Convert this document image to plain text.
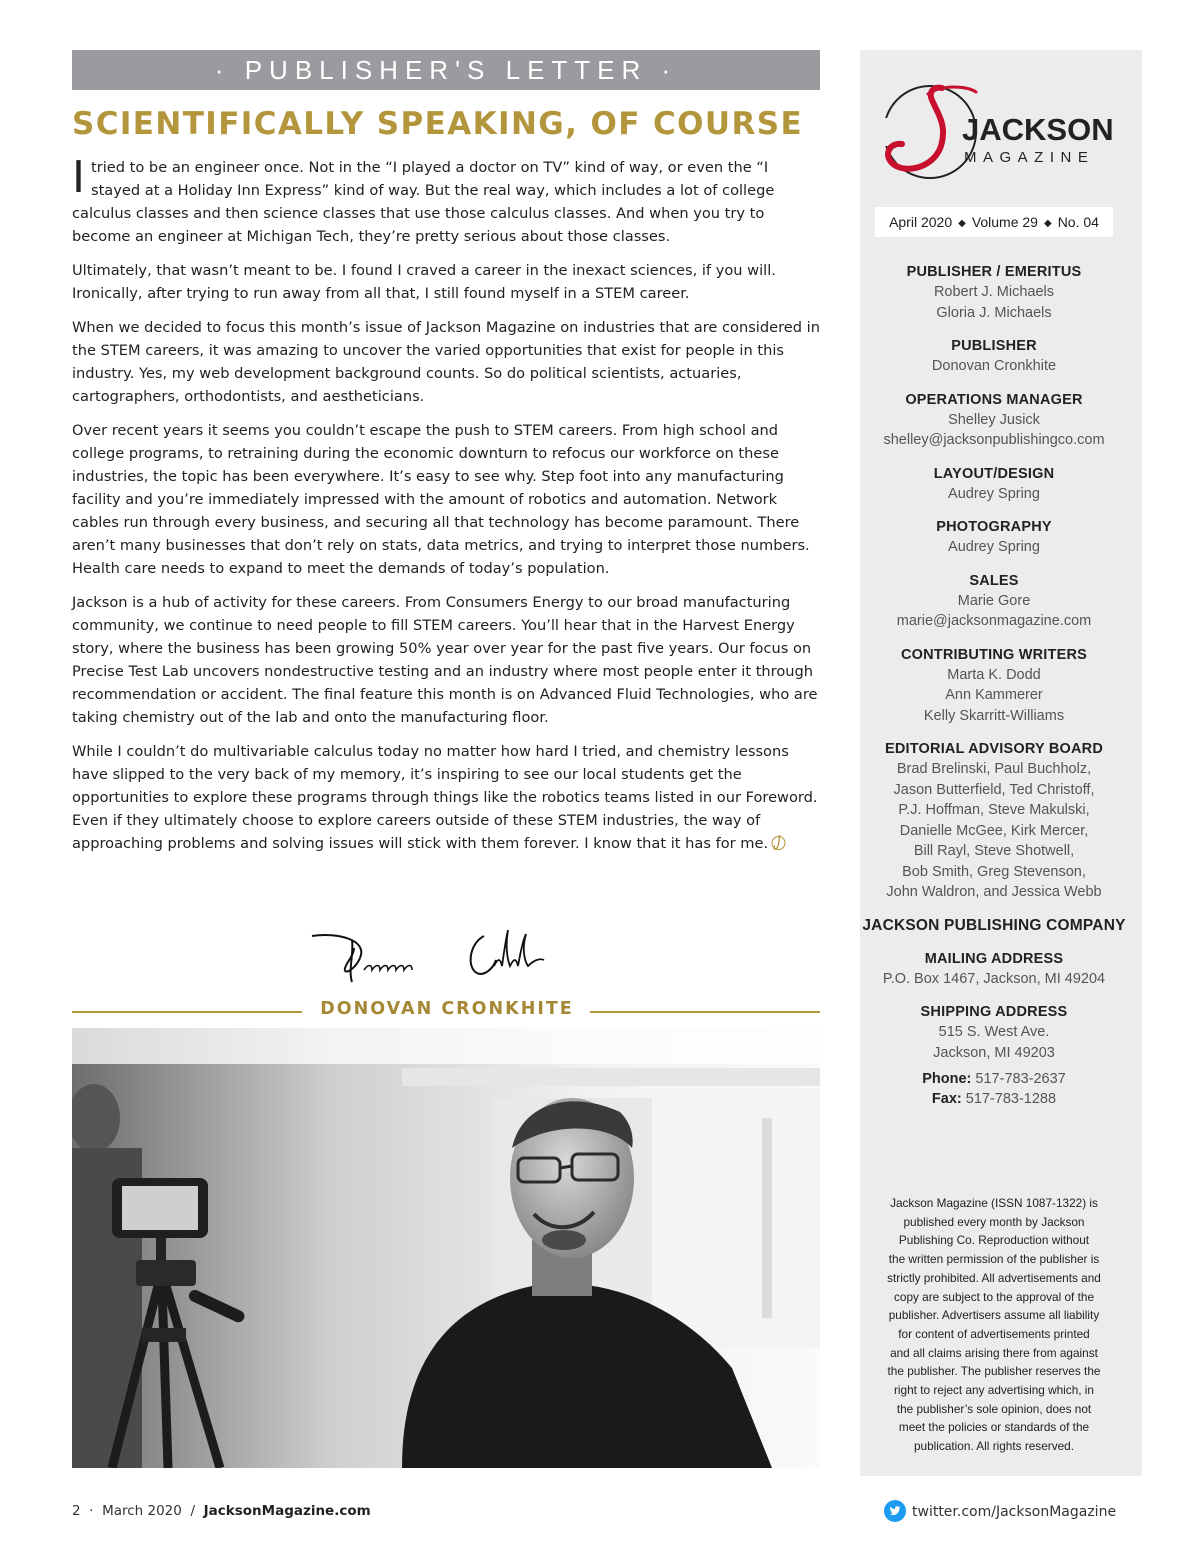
· PUBLISHER'S LETTER ·
SCIENTIFICALLY SPEAKING, OF COURSE

Itried to be an engineer once. Not in the “I played a doctor on TV” kind of way, or even the “I stayed at a Holiday Inn Express” kind of way. But the real way, which includes a lot of college calculus classes and then science classes that use those calculus classes. And when you try to become an engineer at Michigan Tech, they’re pretty serious about those classes.

Ultimately, that wasn’t meant to be. I found I craved a career in the inexact sciences, if you will. Ironically, after trying to run away from all that, I still found myself in a STEM career.

When we decided to focus this month’s issue of Jackson Magazine on industries that are considered in the STEM careers, it was amazing to uncover the varied opportunities that exist for people in this industry. Yes, my web development background counts. So do political scientists, actuaries, cartographers, orthodontists, and aestheticians.

Over recent years it seems you couldn’t escape the push to STEM careers. From high school and college programs, to retraining during the economic downturn to refocus our workforce on these industries, the topic has been everywhere. It’s easy to see why. Step foot into any manufacturing facility and you’re immediately impressed with the amount of robotics and automation. Network cables run through every business, and securing all that technology has become paramount. There aren’t many businesses that don’t rely on stats, data metrics, and trying to interpret those numbers. Health care needs to expand to meet the demands of today’s population.

Jackson is a hub of activity for these careers. From Consumers Energy to our broad manufacturing community, we continue to need people to fill STEM careers. You’ll hear that in the Harvest Energy story, where the business has been growing 50% year over year for the past five years. Our focus on Precise Test Lab uncovers nondestructive testing and an industry where most people enter it through recommendation or accident. The final feature this month is on Advanced Fluid Technologies, who are taking chemistry out of the lab and onto the manufacturing floor.

While I couldn’t do multivariable calculus today no matter how hard I tried, and chemistry lessons have slipped to the very back of my memory, it’s inspiring to see our local students get the opportunities to explore these programs through things like the robotics teams listed in our Foreword. Even if they ultimately choose to explore careers outside of these STEM industries, the way of approaching problems and solving issues will stick with them forever. I know that it has for me.

DONOVAN CRONKHITE
JACKSON
MAGAZINE
April 2020 ◆ Volume 29 ◆ No. 04
PUBLISHER / EMERITUS
Robert J. Michaels
Gloria J. Michaels
PUBLISHER
Donovan Cronkhite
OPERATIONS MANAGER
Shelley Jusick
shelley@jacksonpublishingco.com
LAYOUT/DESIGN
Audrey Spring
PHOTOGRAPHY
Audrey Spring
SALES
Marie Gore
marie@jacksonmagazine.com
CONTRIBUTING WRITERS
Marta K. Dodd
Ann Kammerer
Kelly Skarritt-Williams
EDITORIAL ADVISORY BOARD
Brad Brelinski, Paul Buchholz,
Jason Butterfield, Ted Christoff,
P.J. Hoffman, Steve Makulski,
Danielle McGee, Kirk Mercer,
Bill Rayl, Steve Shotwell,
Bob Smith, Greg Stevenson,
John Waldron, and Jessica Webb
JACKSON PUBLISHING COMPANY
MAILING ADDRESS
P.O. Box 1467, Jackson, MI 49204
SHIPPING ADDRESS
515 S. West Ave.
Jackson, MI 49203
Phone: 517-783-2637
Fax: 517-783-1288
Jackson Magazine (ISSN 1087-1322) is
published every month by Jackson
Publishing Co. Reproduction without
the written permission of the publisher is
strictly prohibited. All advertisements and
copy are subject to the approval of the
publisher. Advertisers assume all liability
for content of advertisements printed
and all claims arising there from against
the publisher. The publisher reserves the
right to reject any advertising which, in
the publisher’s sole opinion, does not
meet the policies or standards of the
publication. All rights reserved.
2  ·  March 2020  /  JacksonMagazine.com	twitter.com/JacksonMagazine
